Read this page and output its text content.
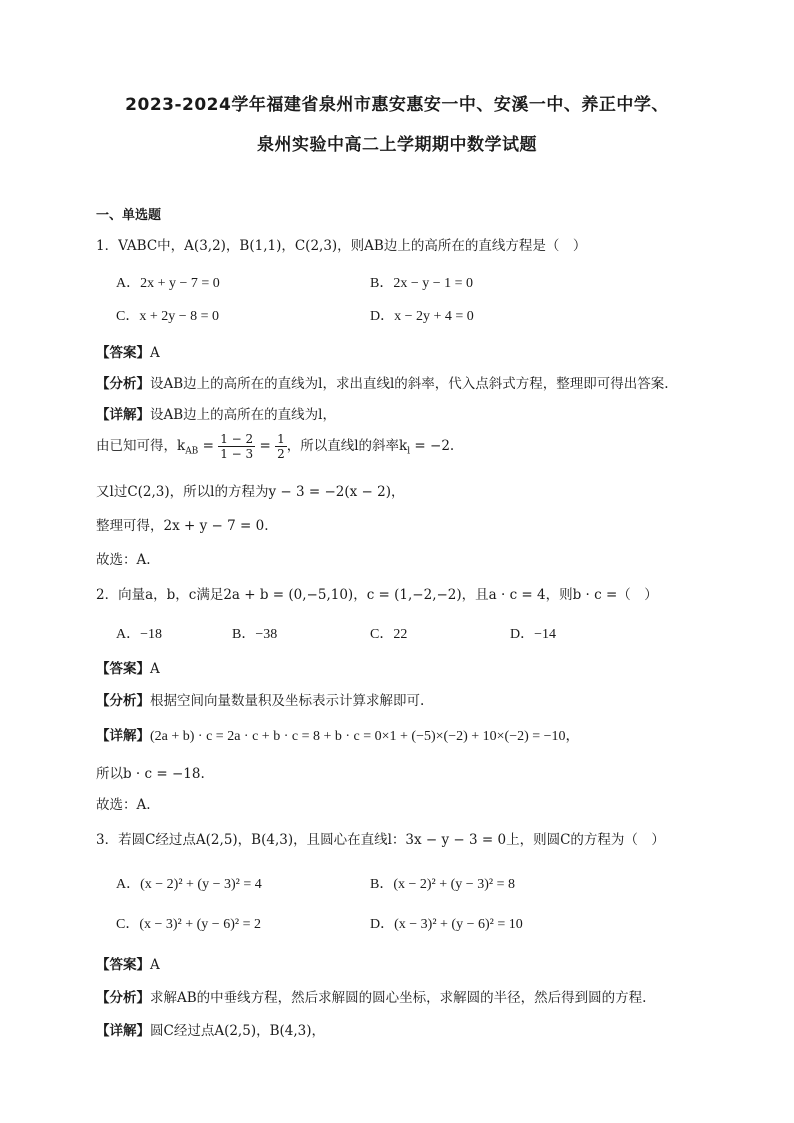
2023-2024学年福建省泉州市惠安惠安一中、安溪一中、养正中学、
泉州实验中高二上学期期中数学试题
一、单选题
1．VABC中，A(3,2)，B(1,1)，C(2,3)，则AB边上的高所在的直线方程是（　）
A．2x + y − 7 = 0	B．2x − y − 1 = 0
C．x + 2y − 8 = 0	D．x − 2y + 4 = 0
【答案】A
【分析】设AB边上的高所在的直线为l，求出直线l的斜率，代入点斜式方程，整理即可得出答案.
【详解】设AB边上的高所在的直线为l，
由已知可得，$k_{AB} = \frac{1 - 2}{1 - 3} = \frac{1}{2}$ ，所以直线l的斜率$k_l = -2$.
又l过C(2,3)，所以l的方程为y − 3 = −2(x − 2)，
整理可得，2x + y − 7 = 0.
故选：A.
2．向量a，b，c满足2a + b = (0,−5,10)，c = (1,−2,−2)，且a · c = 4，则b · c =（　）
A．−18	B．−38	C．22	D．−14
【答案】A
【分析】根据空间向量数量积及坐标表示计算求解即可.
【详解】(2a + b) · c = 2a · c + b · c = 8 + b · c = 0×1 + (−5)×(−2) + 10×(−2) = −10，
所以b · c = −18.
故选：A.
3．若圆C经过点A(2,5)，B(4,3)，且圆心在直线l：3x − y − 3 = 0上，则圆C的方程为（　）
A．(x − 2)² + (y − 3)² = 4	B．(x − 2)² + (y − 3)² = 8
C．(x − 3)² + (y − 6)² = 2	D．(x − 3)² + (y − 6)² = 10
【答案】A
【分析】求解AB的中垂线方程，然后求解圆的圆心坐标，求解圆的半径，然后得到圆的方程.
【详解】圆C经过点A(2,5)，B(4,3)，
